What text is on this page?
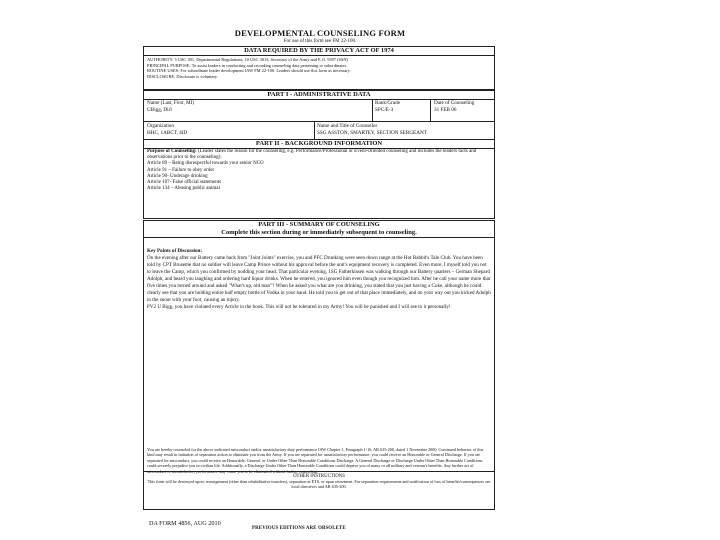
DEVELOPMENTAL COUNSELING FORM
For use of this form see FM 22-100.
DATA REQUIRED BY THE PRIVACY ACT OF 1974
AUTHORITY: 5 USC 301, Departmental Regulations; 10 USC 3013, Secretary of the Army and E.O. 9397 (SSN)
PRINCIPAL PURPOSE: To assist leaders in conducting and recording counseling data pertaining to subordinates.
ROUTINE USES: For subordinate leader development IAW FM 22-100. Leaders should use this form as necessary.
DISCLOSURE: Disclosure is voluntary.
PART I - ADMINISTRATIVE DATA
Name (Last, First, MI)
UBigg, Dirl
Rank/Grade
SPC/E-3
Date of Counseling
31 FEB 06
Organization
HHC, 1ABCT, 4ID
Name and Title of Counselor
SSG ASSTON, SMARTEY, SECTION SERGEANT
PART II - BACKGROUND INFORMATION
Purpose of Counseling: (Leader states the reason for the counseling, e.g. Performance/Professional or Event-Oriented counseling and includes the leaders facts and observations prior to the counseling):
Article 89 – Being disrespectful towards your senior NCO
Article 91 – Failure to obey order
Article 90- Underage drinking
Article 107- False official statements
Article 134 – Abusing public animal
PART III - SUMMARY OF COUNSELING
Complete this section during or immediately subsequent to counseling.
Key Points of Discussion:
On the evening after our Battery came back from "Joint Joints" exercise, you and PFC Drunking were seen down range at the Hot Rabbit's Tale Club. You have been told by CPT Bruseme that no soldier will leave Camp Prince without his approval before the unit's equipment recovery is completed. Even more, I myself told you not to leave the Camp, which you confirmed by nodding your head. That particular evening, 1SG Fatherkissen was walking through our Battery quarters – German Shepard Adolph, and heard you laughing and ordering hard liquor drinks. When he entered, you ignored him even though you recognized him. After he call your name more that five times you turned around and asked "What's up, old man"? When he asked you what are you drinking, you stated that you just having a Coke, although he could clearly see that you are holding entire half empty bottle of Vodka in your hand. He told you to get out of that place immediately, and on your way out you kicked Adolph in the snout with your foot, causing an injury.
PV2 U Bigg, you have violated every Article in the book. This will not be tolerated in my Army! You will be punished and I will see to it personally!
You are hereby counseled for the above indicated misconduct and/or unsatisfactory duty performance IAW Chapter 1, Paragraph 1-16, AR 635-200, dated 1 November 2000. Continued behavior of this kind may result in initiation of separation action to eliminate you from the Army. If you are separated for unsatisfactory performance, you could receive an Honorable or General Discharge. If you are separated for misconduct, you could receive an Honorable, General, or Under Other Than Honorable Conditions Discharge. A General Discharge or Discharge Under Other Than Honorable Conditions could severely prejudice you in civilian life. Additionally, a Discharge Under Other Than Honorable Conditions could deprive you of many or all military and veteran's benefits. Any further act of misconduct or unsatisfactory performance may cause you to be eliminated without further counseling.
OTHER INSTRUCTIONS
This form will be destroyed upon: reassignment (other than rehabilitative transfers), separation at ETS, or upon retirement. For separation requirements and notification of loss of benefits/consequences see local directives and AR 635-200.
DA FORM 4856, AUG 2010
PREVIOUS EDITIONS ARE OBSOLETE
